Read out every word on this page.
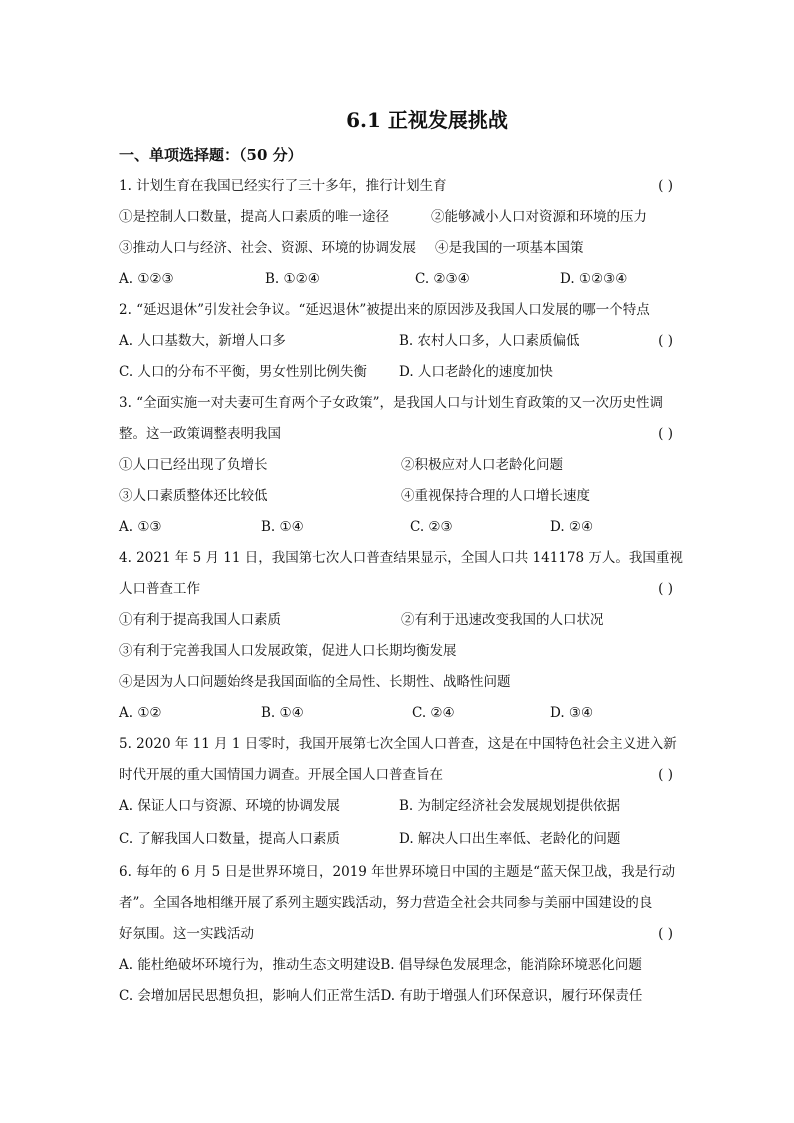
6.1 正视发展挑战
一、单项选择题：（50 分）
1. 计划生育在我国已经实行了三十多年，推行计划生育	( )
①是控制人口数量，提高人口素质的唯一途径	②能够减小人口对资源和环境的压力
③推动人口与经济、社会、资源、环境的协调发展 ④是我国的一项基本国策
A. ①②③	B. ①②④	C. ②③④	D. ①②③④
2. “延迟退休”引发社会争议。“延迟退休”被提出来的原因涉及我国人口发展的哪一个特点
A. 人口基数大，新增人口多	B. 农村人口多，人口素质偏低	( )
C. 人口的分布不平衡，男女性别比例失衡 D. 人口老龄化的速度加快
3. “全面实施一对夫妻可生育两个子女政策”，是我国人口与计划生育政策的又一次历史性调
整。这一政策调整表明我国	( )
①人口已经出现了负增长	②积极应对人口老龄化问题
③人口素质整体还比较低	④重视保持合理的人口增长速度
A. ①③	B. ①④	C. ②③	D. ②④
4. 2021 年 5 月 11 日，我国第七次人口普查结果显示，全国人口共 141178 万人。我国重视
人口普查工作	( )
①有利于提高我国人口素质	②有利于迅速改变我国的人口状况
③有利于完善我国人口发展政策，促进人口长期均衡发展
④是因为人口问题始终是我国面临的全局性、长期性、战略性问题
A. ①②	B. ①④	C. ②④	D. ③④
5. 2020 年 11 月 1 日零时，我国开展第七次全国人口普查，这是在中国特色社会主义进入新
时代开展的重大国情国力调查。开展全国人口普查旨在	( )
A. 保证人口与资源、环境的协调发展	B. 为制定经济社会发展规划提供依据
C. 了解我国人口数量，提高人口素质	D. 解决人口出生率低、老龄化的问题
6. 每年的 6 月 5 日是世界环境日，2019 年世界环境日中国的主题是“蓝天保卫战，我是行动
者”。全国各地相继开展了系列主题实践活动，努力营造全社会共同参与美丽中国建设的良
好氛围。这一实践活动	( )
A. 能杜绝破坏环境行为，推动生态文明建设B. 倡导绿色发展理念，能消除环境恶化问题
C. 会增加居民思想负担，影响人们正常生活D. 有助于增强人们环保意识，履行环保责任
